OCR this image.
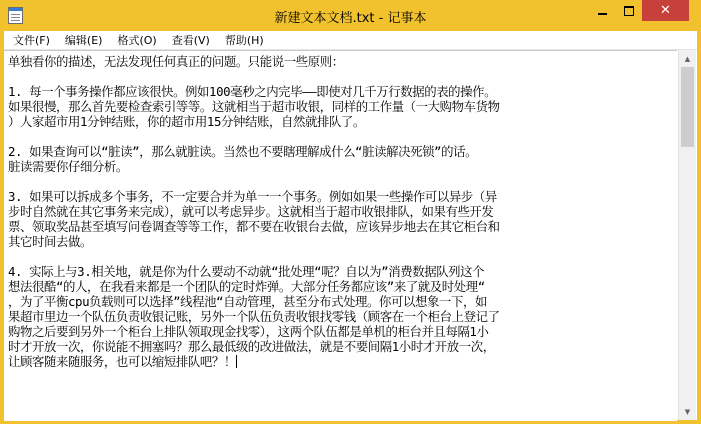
新建文本文档.txt - 记事本
✕
文件(F)	编辑(E)	格式(O)	查看(V)	帮助(H)
单独看你的描述，无法发现任何真正的问题。只能说一些原则：

1. 每一个事务操作都应该很快。例如100毫秒之内完毕——即使对几千万行数据的表的操作。
如果很慢，那么首先要检查索引等等。这就相当于超市收银，同样的工作量（一大购物车货物
）人家超市用1分钟结账，你的超市用15分钟结账，自然就排队了。

2. 如果查询可以“脏读”，那么就脏读。当然也不要瞎理解成什么“脏读解决死锁”的话。
脏读需要你仔细分析。

3. 如果可以拆成多个事务，不一定要合并为单一一个事务。例如如果一些操作可以异步（异
步时自然就在其它事务来完成），就可以考虑异步。这就相当于超市收银排队，如果有些开发
票、领取奖品甚至填写问卷调查等等工作，都不要在收银台去做，应该异步地去在其它柜台和
其它时间去做。

4. 实际上与3.相关地，就是你为什么要动不动就“批处理“呢？自以为”消费数据队列这个
想法很酷“的人，在我看来都是一个团队的定时炸弹。大部分任务都应该”来了就及时处理“
，为了平衡cpu负载则可以选择”线程池“自动管理，甚至分布式处理。你可以想象一下，如
果超市里边一个队伍负责收银记账，另外一个队伍负责收银找零钱（顾客在一个柜台上登记了
购物之后要到另外一个柜台上排队领取现金找零），这两个队伍都是单机的柜台并且每隔1小
时才开放一次，你说能不拥塞吗？那么最低级的改进做法，就是不要间隔1小时才开放一次，
让顾客随来随服务，也可以缩短排队吧？！
▲
▼
